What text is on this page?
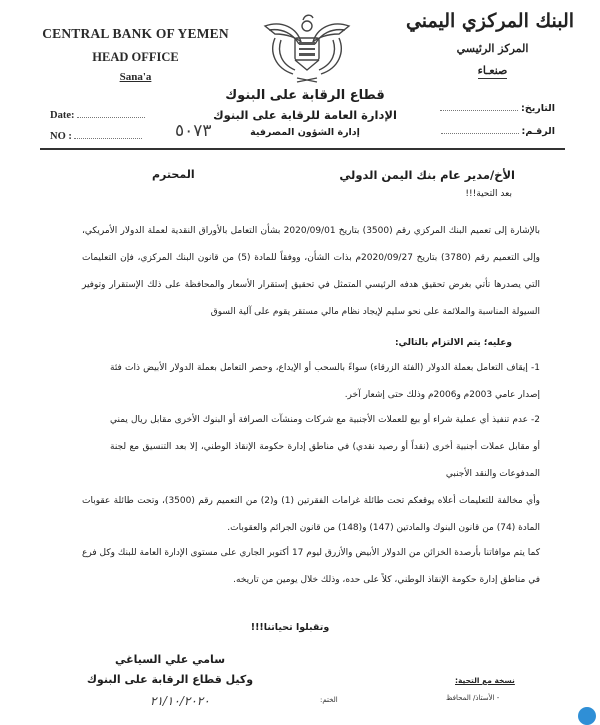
CENTRAL BANK OF YEMEN
HEAD OFFICE
Sana'a
Date:
NO :	٥٠٧٣
قطاع الرقابة على البنوك
الإدارة العامة للرقابة على البنوك
إدارة الشؤون المصرفية
البنك المركزي اليمني
المركز الرئيسي
صنعـاء
التاريخ:
الرقـم:
الأخ/مدير عام بنك اليمن الدولي
المحترم
بعد التحية!!!
بالإشارة إلى تعميم البنك المركزي رقم (3500) بتاريخ 2020/09/01 بشأن التعامل بالأوراق النقدية لعملة الدولار الأمريكي، وإلى التعميم رقم (3780) بتاريخ 2020/09/27م بذات الشأن، ووفقاً للمادة (5) من قانون البنك المركزي، فإن التعليمات التي يصدرها تأتي بغرض تحقيق هدفه الرئيسي المتمثل في تحقيق إستقرار الأسعار والمحافظة على ذلك الإستقرار وتوفير السيولة المناسبة والملائمة على نحو سليم لإيجاد نظام مالي مستقر يقوم على آلية السوق
وعليه؛ يتم الالتزام بالتالي:
1- إيقاف التعامل بعملة الدولار (الفئة الزرقاء) سواءً بالسحب أو الإيداع، وحصر التعامل بعملة الدولار الأبيض ذات فئة إصدار عامي 2003م و2006م وذلك حتى إشعار آخر.
2- عدم تنفيذ أي عملية شراء أو بيع للعملات الأجنبية مع شركات ومنشآت الصرافة أو البنوك الأخرى مقابل ريال يمني أو مقابل عملات أجنبية أخرى (نقداً أو رصيد نقدي) في مناطق إدارة حكومة الإنقاذ الوطني، إلا بعد التنسيق مع لجنة المدفوعات والنقد الأجنبي
وأي مخالفة للتعليمات أعلاه يوقعكم تحت طائلة غرامات الفقرتين (1) و(2) من التعميم رقم (3500)، وتحت طائلة عقوبات المادة (74) من قانون البنوك والمادتين (147) و(148) من قانون الجرائم والعقوبات.
كما يتم موافاتنا بأرصدة الخزائن من الدولار الأبيض والأزرق ليوم 17 أكتوبر الجاري على مستوى الإدارة العامة للبنك وكل فرع في مناطق إدارة حكومة الإنقاذ الوطني، كلاً على حده، وذلك خلال يومين من تاريخه.
وتقبلوا تحياتنا!!!
سامي علي السياغي
وكيل قطاع الرقابة على البنوك
٢١/١٠/٢٠٢٠	الختم:
نسخة مع التحية:
- الأستاذ/ المحافظ
